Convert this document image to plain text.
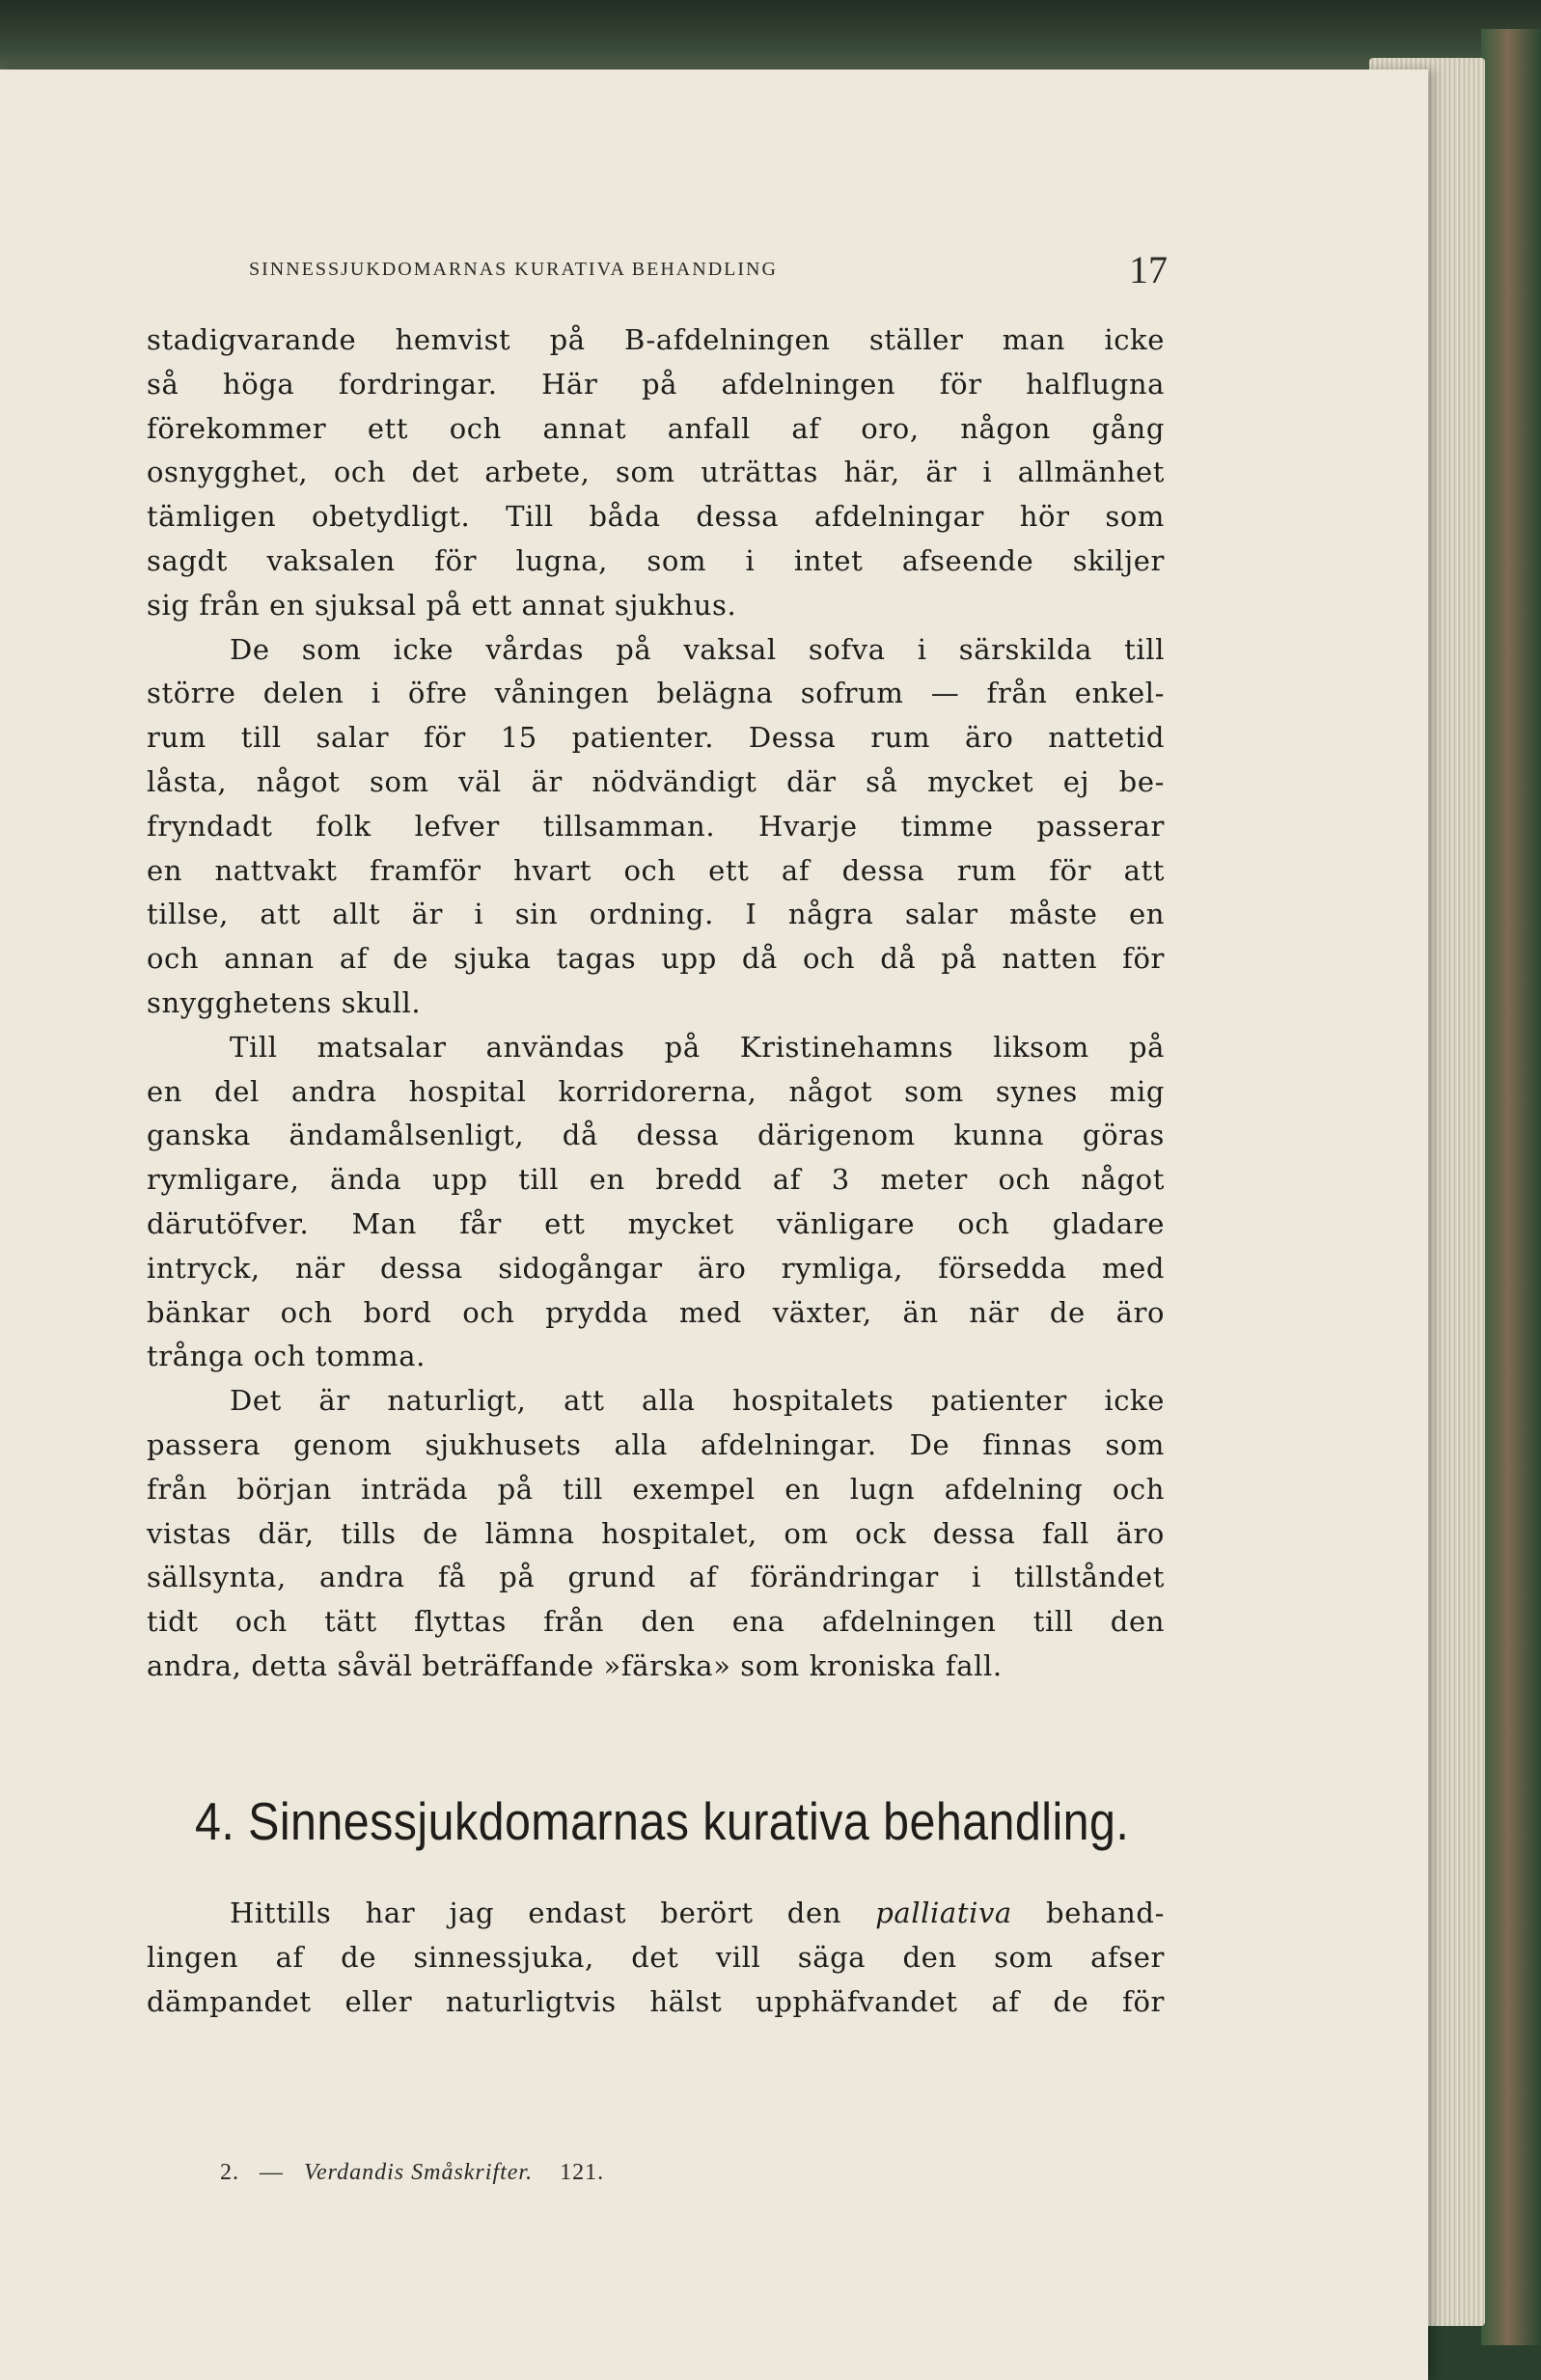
SINNESSJUKDOMARNAS KURATIVA BEHANDLING	17
stadigvarande hemvist på B-afdelningen ställer man icke
så höga fordringar. Här på afdelningen för halflugna
förekommer ett och annat anfall af oro, någon gång
osnygghet, och det arbete, som uträttas här, är i allmänhet
tämligen obetydligt. Till båda dessa afdelningar hör som
sagdt vaksalen för lugna, som i intet afseende skiljer
sig från en sjuksal på ett annat sjukhus.
De som icke vårdas på vaksal sofva i särskilda till
större delen i öfre våningen belägna sofrum — från enkel-
rum till salar för 15 patienter. Dessa rum äro nattetid
låsta, något som väl är nödvändigt där så mycket ej be-
fryndadt folk lefver tillsamman. Hvarje timme passerar
en nattvakt framför hvart och ett af dessa rum för att
tillse, att allt är i sin ordning. I några salar måste en
och annan af de sjuka tagas upp då och då på natten för
snygghetens skull.
Till matsalar användas på Kristinehamns liksom på
en del andra hospital korridorerna, något som synes mig
ganska ändamålsenligt, då dessa därigenom kunna göras
rymligare, ända upp till en bredd af 3 meter och något
därutöfver. Man får ett mycket vänligare och gladare
intryck, när dessa sidogångar äro rymliga, försedda med
bänkar och bord och prydda med växter, än när de äro
trånga och tomma.
Det är naturligt, att alla hospitalets patienter icke
passera genom sjukhusets alla afdelningar. De finnas som
från början inträda på till exempel en lugn afdelning och
vistas där, tills de lämna hospitalet, om ock dessa fall äro
sällsynta, andra få på grund af förändringar i tillståndet
tidt och tätt flyttas från den ena afdelningen till den
andra, detta såväl beträffande »färska» som kroniska fall.
4. Sinnessjukdomarnas kurativa behandling.
Hittills har jag endast berört den palliativa behand-
lingen af de sinnessjuka, det vill säga den som afser
dämpandet eller naturligtvis hälst upphäfvandet af de för
2. — Verdandis Småskrifter. 121.
